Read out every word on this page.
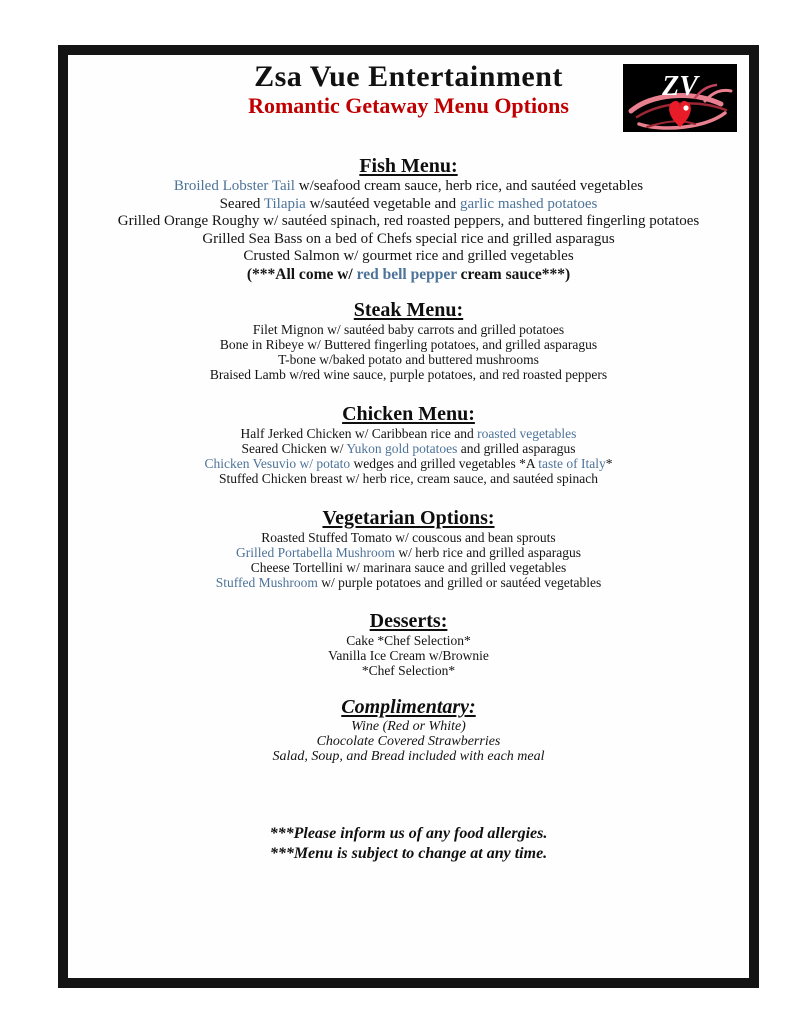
Zsa Vue Entertainment
Romantic Getaway Menu Options
ZV
Fish Menu:
Broiled Lobster Tail w/seafood cream sauce, herb rice, and sautéed vegetables
Seared Tilapia w/sautéed vegetable and garlic mashed potatoes
Grilled Orange Roughy w/ sautéed spinach, red roasted peppers, and buttered fingerling potatoes
Grilled Sea Bass on a bed of Chefs special rice and grilled asparagus
Crusted Salmon w/ gourmet rice and grilled vegetables
(***All come w/ red bell pepper cream sauce***)
Steak Menu:
Filet Mignon w/ sautéed baby carrots and grilled potatoes
Bone in Ribeye w/ Buttered fingerling potatoes, and grilled asparagus
T-bone w/baked potato and buttered mushrooms
Braised Lamb w/red wine sauce, purple potatoes, and red roasted peppers
Chicken Menu:
Half Jerked Chicken w/ Caribbean rice and roasted vegetables
Seared Chicken w/ Yukon gold potatoes and grilled asparagus
Chicken Vesuvio w/ potato wedges and grilled vegetables *A taste of Italy*
Stuffed Chicken breast w/ herb rice, cream sauce, and sautéed spinach
Vegetarian Options:
Roasted Stuffed Tomato w/ couscous and bean sprouts
Grilled Portabella Mushroom w/ herb rice and grilled asparagus
Cheese Tortellini w/ marinara sauce and grilled vegetables
Stuffed Mushroom w/ purple potatoes and grilled or sautéed vegetables
Desserts:
Cake *Chef Selection*
Vanilla Ice Cream w/Brownie
*Chef Selection*
Complimentary:
Wine (Red or White)
Chocolate Covered Strawberries
Salad, Soup, and Bread included with each meal
***Please inform us of any food allergies.
***Menu is subject to change at any time.
